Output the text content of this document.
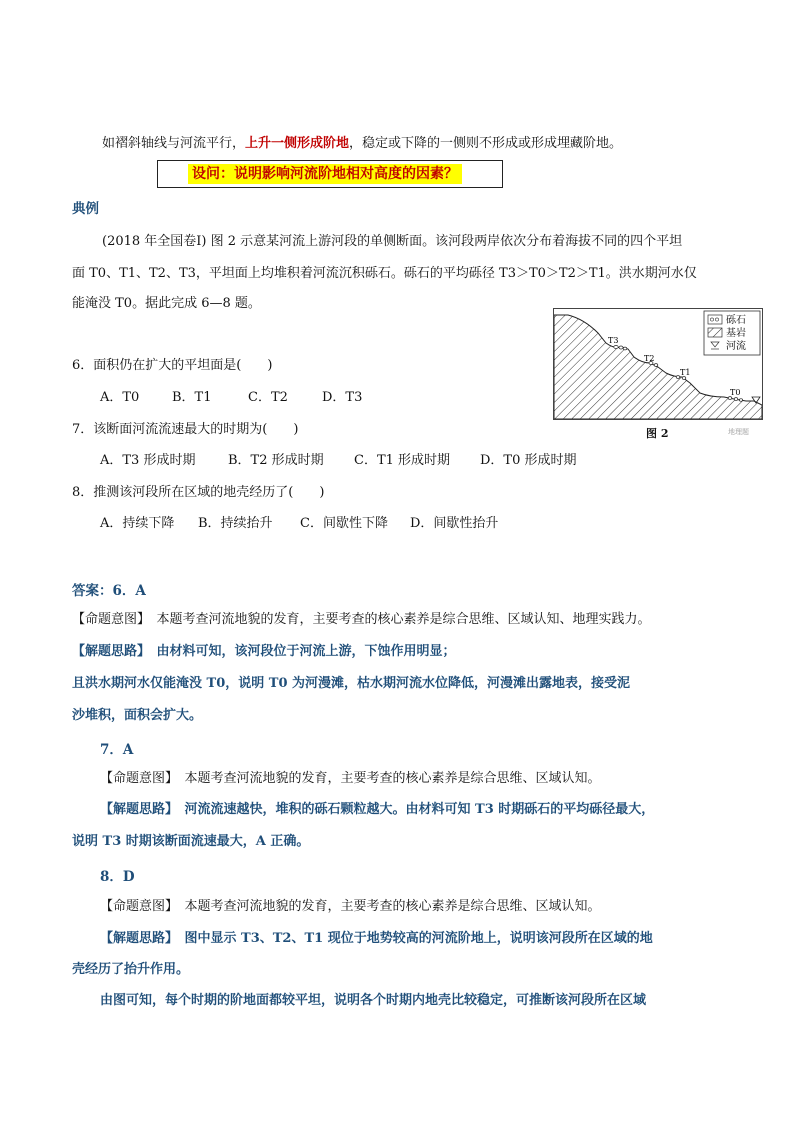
如褶斜轴线与河流平行，上升一侧形成阶地，稳定或下降的一侧则不形成或形成埋藏阶地。
设问：说明影响河流阶地相对高度的因素？
典例
(2018 年全国卷Ⅰ) 图 2 示意某河流上游河段的单侧断面。该河段两岸依次分布着海拔不同的四个平坦
面 T0、T1、T2、T3，平坦面上均堆积着河流沉积砾石。砾石的平均砾径 T3＞T0＞T2＞T1。洪水期河水仅
能淹没 T0。据此完成 6—8 题。
6．面积仍在扩大的平坦面是(　　)
A．T0	B．T1	C．T2	D．T3
7．该断面河流流速最大的时期为(　　)
A．T3 形成时期	B．T2 形成时期 C．T1 形成时期 D．T0 形成时期
8．推测该河段所在区域的地壳经历了(　　)
A．持续下降 B．持续抬升 C．间歇性下降 D．间歇性抬升
T3
T2
T1
T0
砾石
基岩
河流
图 2	地理题
答案：6．A
【命题意图】　本题考查河流地貌的发育，主要考查的核心素养是综合思维、区域认知、地理实践力。
【解题思路】　由材料可知，该河段位于河流上游，下蚀作用明显；
且洪水期河水仅能淹没 T0，说明 T0 为河漫滩，枯水期河流水位降低，河漫滩出露地表，接受泥
沙堆积，面积会扩大。
7．A
【命题意图】　本题考查河流地貌的发育，主要考查的核心素养是综合思维、区域认知。
【解题思路】　河流流速越快，堆积的砾石颗粒越大。由材料可知 T3 时期砾石的平均砾径最大，
说明 T3 时期该断面流速最大，A 正确。
8．D
【命题意图】　本题考查河流地貌的发育，主要考查的核心素养是综合思维、区域认知。
【解题思路】　图中显示 T3、T2、T1 现位于地势较高的河流阶地上，说明该河段所在区域的地
壳经历了抬升作用。
由图可知，每个时期的阶地面都较平坦，说明各个时期内地壳比较稳定，可推断该河段所在区域
